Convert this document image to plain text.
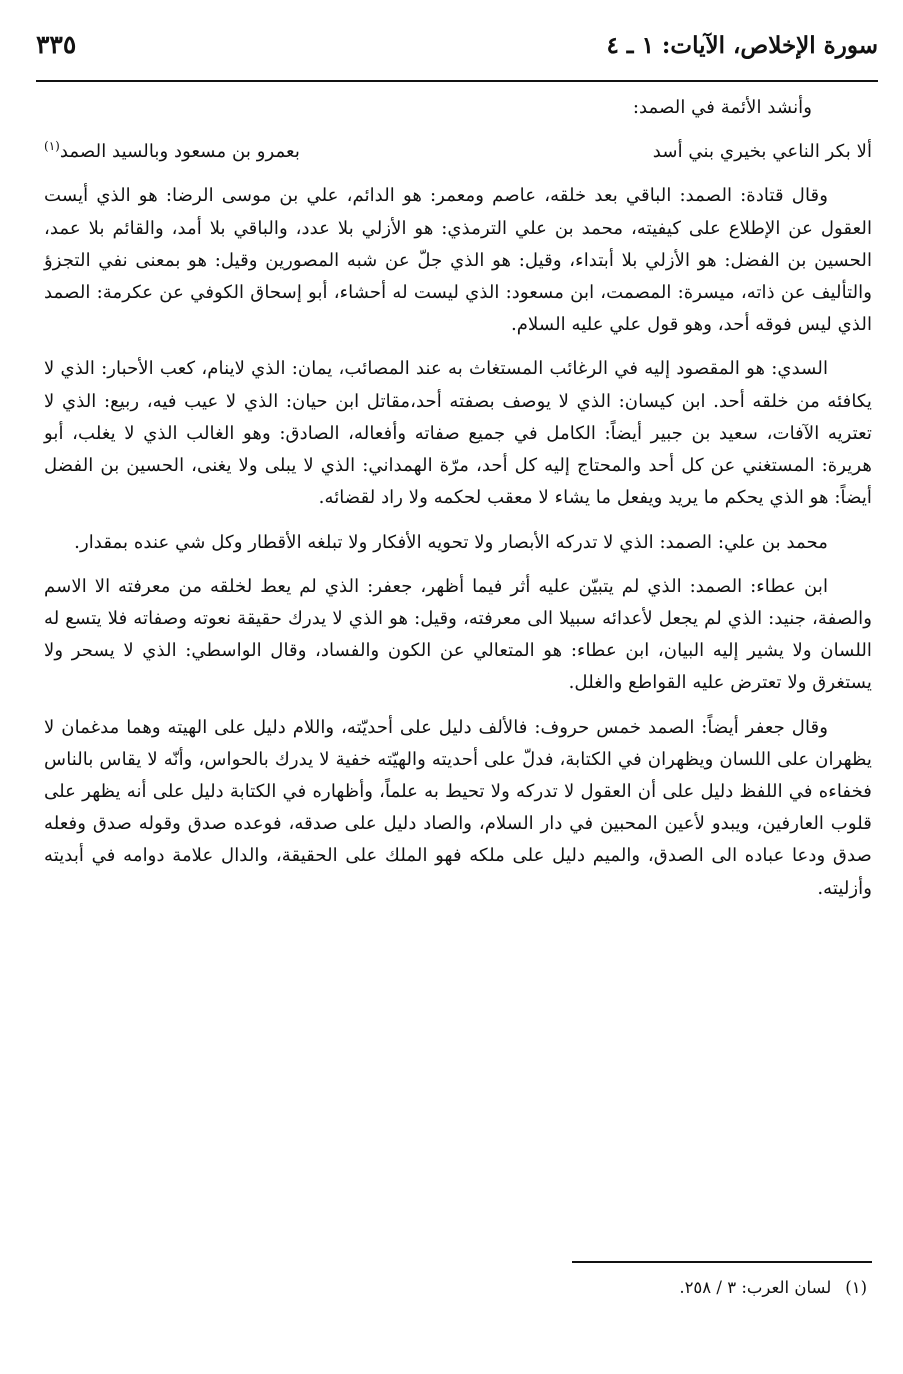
سورة الإخلاص، الآيات: ١ ـ ٤
٣٣٥

وأنشد الأئمة في الصمد:

ألا بكر الناعي بخيري بني أسد
بعمرو بن مسعود وبالسيد الصمد$^{(١)}$

وقال قتادة: الصمد: الباقي بعد خلقه، عاصم ومعمر: هو الدائم، علي بن موسى الرضا: هو الذي أيست العقول عن الإطلاع على كيفيته، محمد بن علي الترمذي: هو الأزلي بلا عدد، والباقي بلا أمد، والقائم بلا عمد، الحسين بن الفضل: هو الأزلي بلا أبتداء، وقيل: هو الذي جلّ عن شبه المصورين وقيل: هو بمعنى نفي التجزؤ والتأليف عن ذاته، ميسرة: المصمت، ابن مسعود: الذي ليست له أحشاء، أبو إسحاق الكوفي عن عكرمة: الصمد الذي ليس فوقه أحد، وهو قول علي عليه السلام.

السدي: هو المقصود إليه في الرغائب المستغاث به عند المصائب، يمان: الذي لاينام، كعب الأحبار: الذي لا يكافئه من خلقه أحد. ابن كيسان: الذي لا يوصف بصفته أحد،مقاتل ابن حيان: الذي لا عيب فيه، ربيع: الذي لا تعتريه الآفات، سعيد بن جبير أيضاً: الكامل في جميع صفاته وأفعاله، الصادق: وهو الغالب الذي لا يغلب، أبو هريرة: المستغني عن كل أحد والمحتاج إليه كل أحد، مرّة الهمداني: الذي لا يبلى ولا يغنى، الحسين بن الفضل أيضاً: هو الذي يحكم ما يريد ويفعل ما يشاء لا معقب لحكمه ولا راد لقضائه.

محمد بن علي: الصمد: الذي لا تدركه الأبصار ولا تحويه الأفكار ولا تبلغه الأقطار وكل شي عنده بمقدار.

ابن عطاء: الصمد: الذي لم يتبيّن عليه أثر فيما أظهر، جعفر: الذي لم يعط لخلقه من معرفته الا الاسم والصفة، جنيد: الذي لم يجعل لأعدائه سبيلا الى معرفته، وقيل: هو الذي لا يدرك حقيقة نعوته وصفاته فلا يتسع له اللسان ولا يشير إليه البيان، ابن عطاء: هو المتعالي عن الكون والفساد، وقال الواسطي: الذي لا يسحر ولا يستغرق ولا تعترض عليه القواطع والغلل.

وقال جعفر أيضاً: الصمد خمس حروف: فالألف دليل على أحديّته، واللام دليل على الهيته وهما مدغمان لا يظهران على اللسان ويظهران في الكتابة، فدلّ على أحديته والهيّته خفية لا يدرك بالحواس، وأنّه لا يقاس بالناس فخفاءه في اللفظ دليل على أن العقول لا تدركه ولا تحيط به علماً، وأظهاره في الكتابة دليل على أنه يظهر على قلوب العارفين، ويبدو لأعين المحبين في دار السلام، والصاد دليل على صدقه، فوعده صدق وقوله صدق وفعله صدق ودعا عباده الى الصدق، والميم دليل على ملكه فهو الملك على الحقيقة، والدال علامة دوامه في أبديته وأزليته.

(١)لسان العرب: ٣ / ٢٥٨.
